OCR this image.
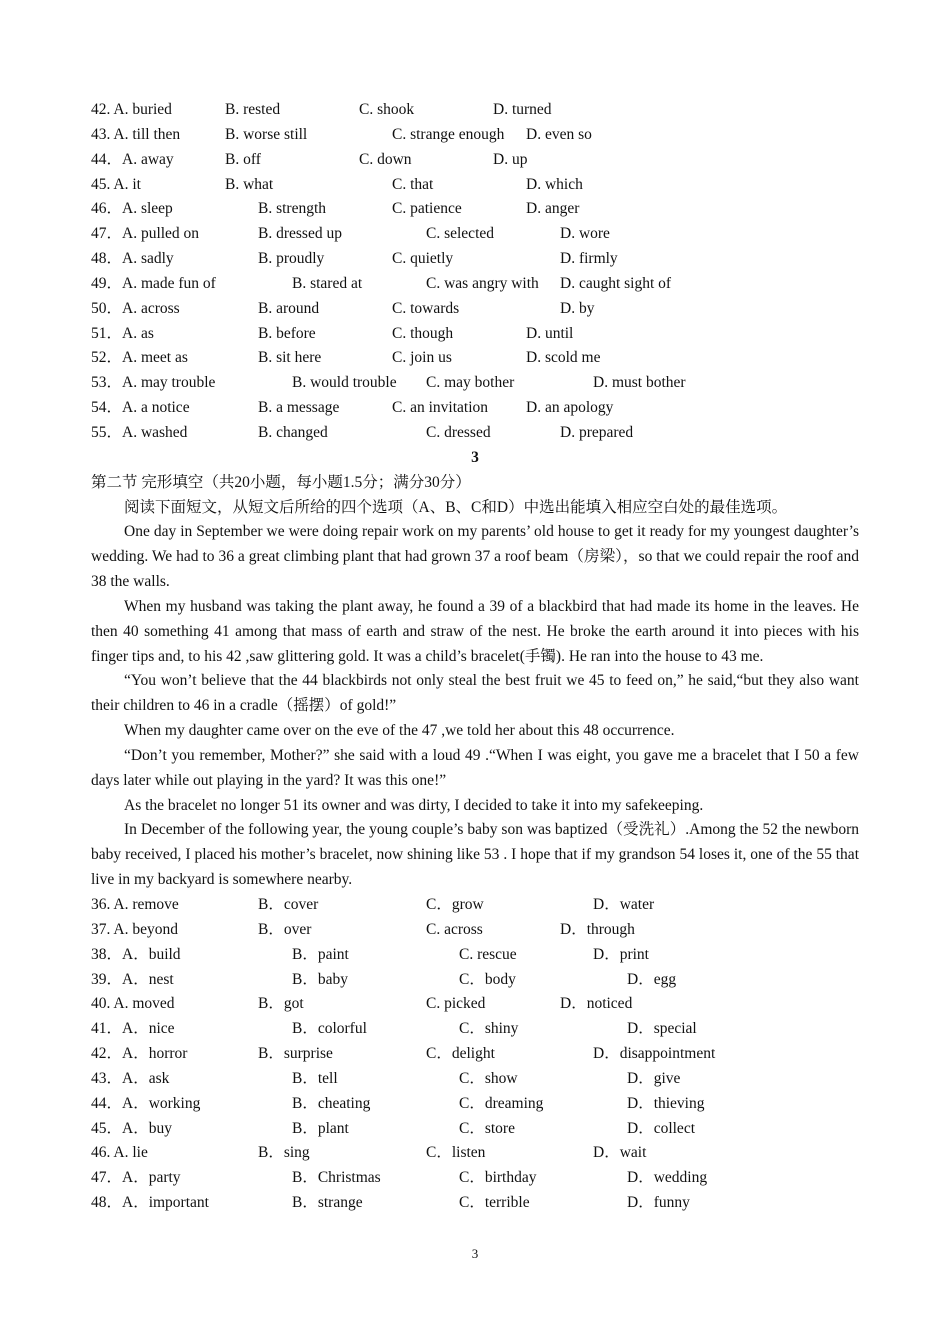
42. A. buried	B. rested	C. shook	D. turned
43. A. till then	B. worse still	C. strange enough D. even so
44．A. away	B. off	C. down	D. up
45. A. it	B. what	C. that	D. which
46．A. sleep	B. strength	C. patience	D. anger
47．A. pulled on	B. dressed up	C. selected	D. wore
48．A. sadly	B. proudly	C. quietly	D. firmly
49．A. made fun of	B. stared at	C. was angry with D. caught sight of
50．A. across	B. around	C. towards	D. by
51．A. as	B. before	C. though	D. until
52．A. meet as	B. sit here	C. join us	D. scold me
53．A. may trouble	B. would trouble C. may bother	D. must bother
54．A. a notice	B. a message	C. an invitation D. an apology
55．A. washed	B. changed	C. dressed	D. prepared
3
第二节 完形填空（共20小题，每小题1.5分；满分30分）
阅读下面短文，从短文后所给的四个选项（A、B、C和D）中选出能填入相应空白处的最佳选项。

One day in September we were doing repair work on my parents’ old house to get it ready for my youngest daughter’s wedding. We had to 36 a great climbing plant that had grown 37 a roof beam（房梁），so that we could repair the roof and 38 the walls.

When my husband was taking the plant away, he found a 39 of a blackbird that had made its home in the leaves. He then 40 something 41 among that mass of earth and straw of the nest. He broke the earth around it into pieces with his finger tips and, to his 42 ,saw glittering gold. It was a child’s bracelet(手镯). He ran into the house to 43 me.

“You won’t believe that the 44 blackbirds not only steal the best fruit we 45 to feed on,” he said,“but they also want their children to 46 in a cradle（摇摆）of gold!”

When my daughter came over on the eve of the 47 ,we told her about this 48 occurrence.

“Don’t you remember, Mother?” she said with a loud 49 .“When I was eight, you gave me a bracelet that I 50 a few days later while out playing in the yard? It was this one!”

As the bracelet no longer 51 its owner and was dirty, I decided to take it into my safekeeping.

In December of the following year, the young couple’s baby son was baptized（受洗礼）.Among the 52 the newborn baby received, I placed his mother’s bracelet, now shining like 53 . I hope that if my grandson 54 loses it, one of the 55 that live in my backyard is somewhere nearby.

36. A. remove	B．cover	C．grow	D．water
37. A. beyond	B．over	C. across	D．through
38．A．build	B．paint	C. rescue	D．print
39．A．nest	B．baby	C．body	D．egg
40. A. moved	B．got	C. picked	D．noticed
41．A．nice	B．colorful	C．shiny	D．special
42．A．horror	B．surprise	C．delight	D．disappointment
43．A．ask	B．tell	C．show	D．give
44．A．working	B．cheating	C．dreaming	D．thieving
45．A．buy	B．plant	C．store	D．collect
46. A. lie	B．sing	C．listen	D．wait
47．A．party	B．Christmas	C．birthday	D．wedding
48．A．important	B．strange	C．terrible	D．funny
3
